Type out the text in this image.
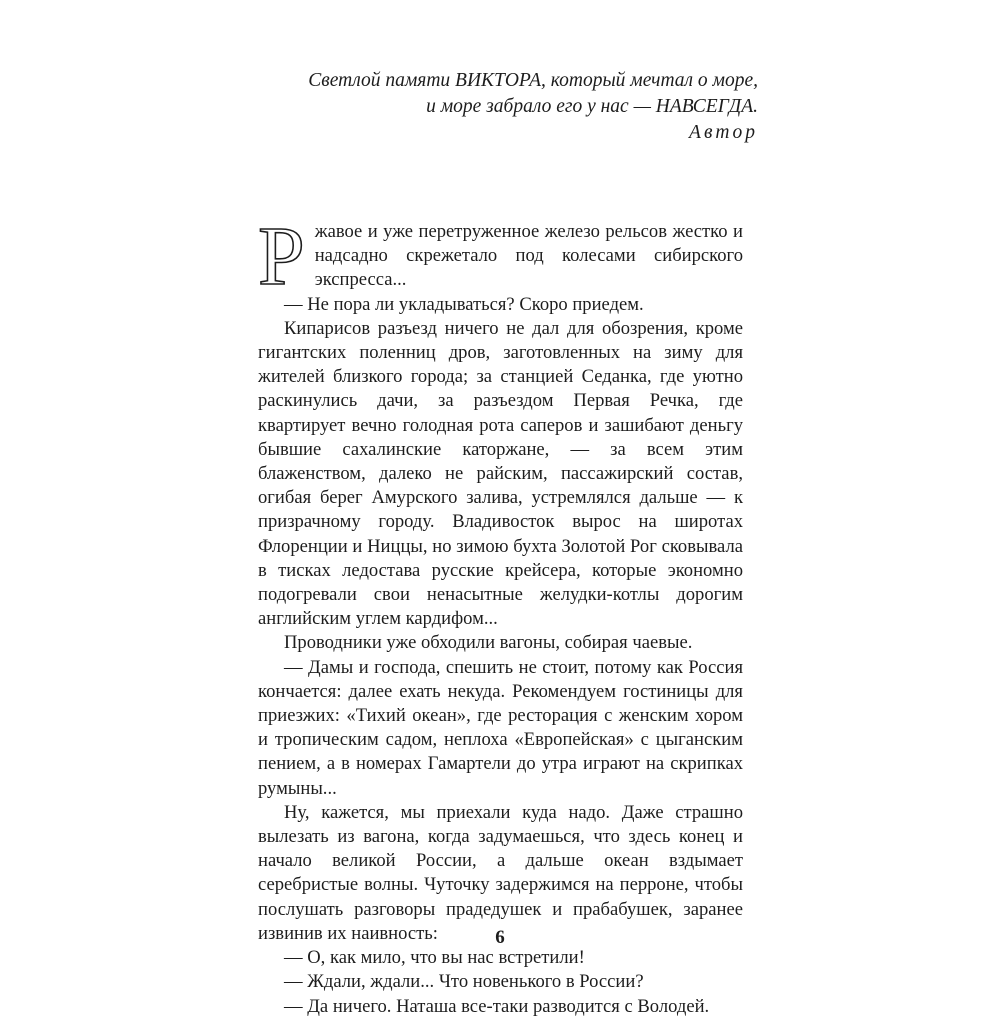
Светлой памяти ВИКТОРА, который мечтал о море,
и море забрало его у нас — НАВСЕГДА.
Автор

Ржавое и уже перетруженное железо рельсов жестко и надсадно скрежетало под колесами сибирского экспресса...

— Не пора ли укладываться? Скоро приедем.

Кипарисов разъезд ничего не дал для обозрения, кроме гигантских поленниц дров, заготовленных на зиму для жителей близкого города; за станцией Седанка, где уютно раскинулись дачи, за разъездом Первая Речка, где квартирует вечно голодная рота саперов и зашибают деньгу бывшие сахалинские каторжане, — за всем этим блаженством, далеко не райским, пассажирский состав, огибая берег Амурского залива, устремлялся дальше — к призрачному городу. Владивосток вырос на широтах Флоренции и Ниццы, но зимою бухта Золотой Рог сковывала в тисках ледостава русские крейсера, которые экономно подогревали свои ненасытные желудки-котлы дорогим английским углем кардифом...

Проводники уже обходили вагоны, собирая чаевые.

— Дамы и господа, спешить не стоит, потому как Россия кончается: далее ехать некуда. Рекомендуем гостиницы для приезжих: «Тихий океан», где ресторация с женским хором и тропическим садом, неплоха «Европейская» с цыганским пением, а в номерах Гамартели до утра играют на скрипках румыны...

Ну, кажется, мы приехали куда надо. Даже страшно вылезать из вагона, когда задумаешься, что здесь конец и начало великой России, а дальше океан вздымает серебристые волны. Чуточку задержимся на перроне, чтобы послушать разговоры прадедушек и прабабушек, заранее извинив их наивность:

— О, как мило, что вы нас встретили!

— Ждали, ждали... Что новенького в России?

— Да ничего. Наташа все-таки разводится с Володей.

6
